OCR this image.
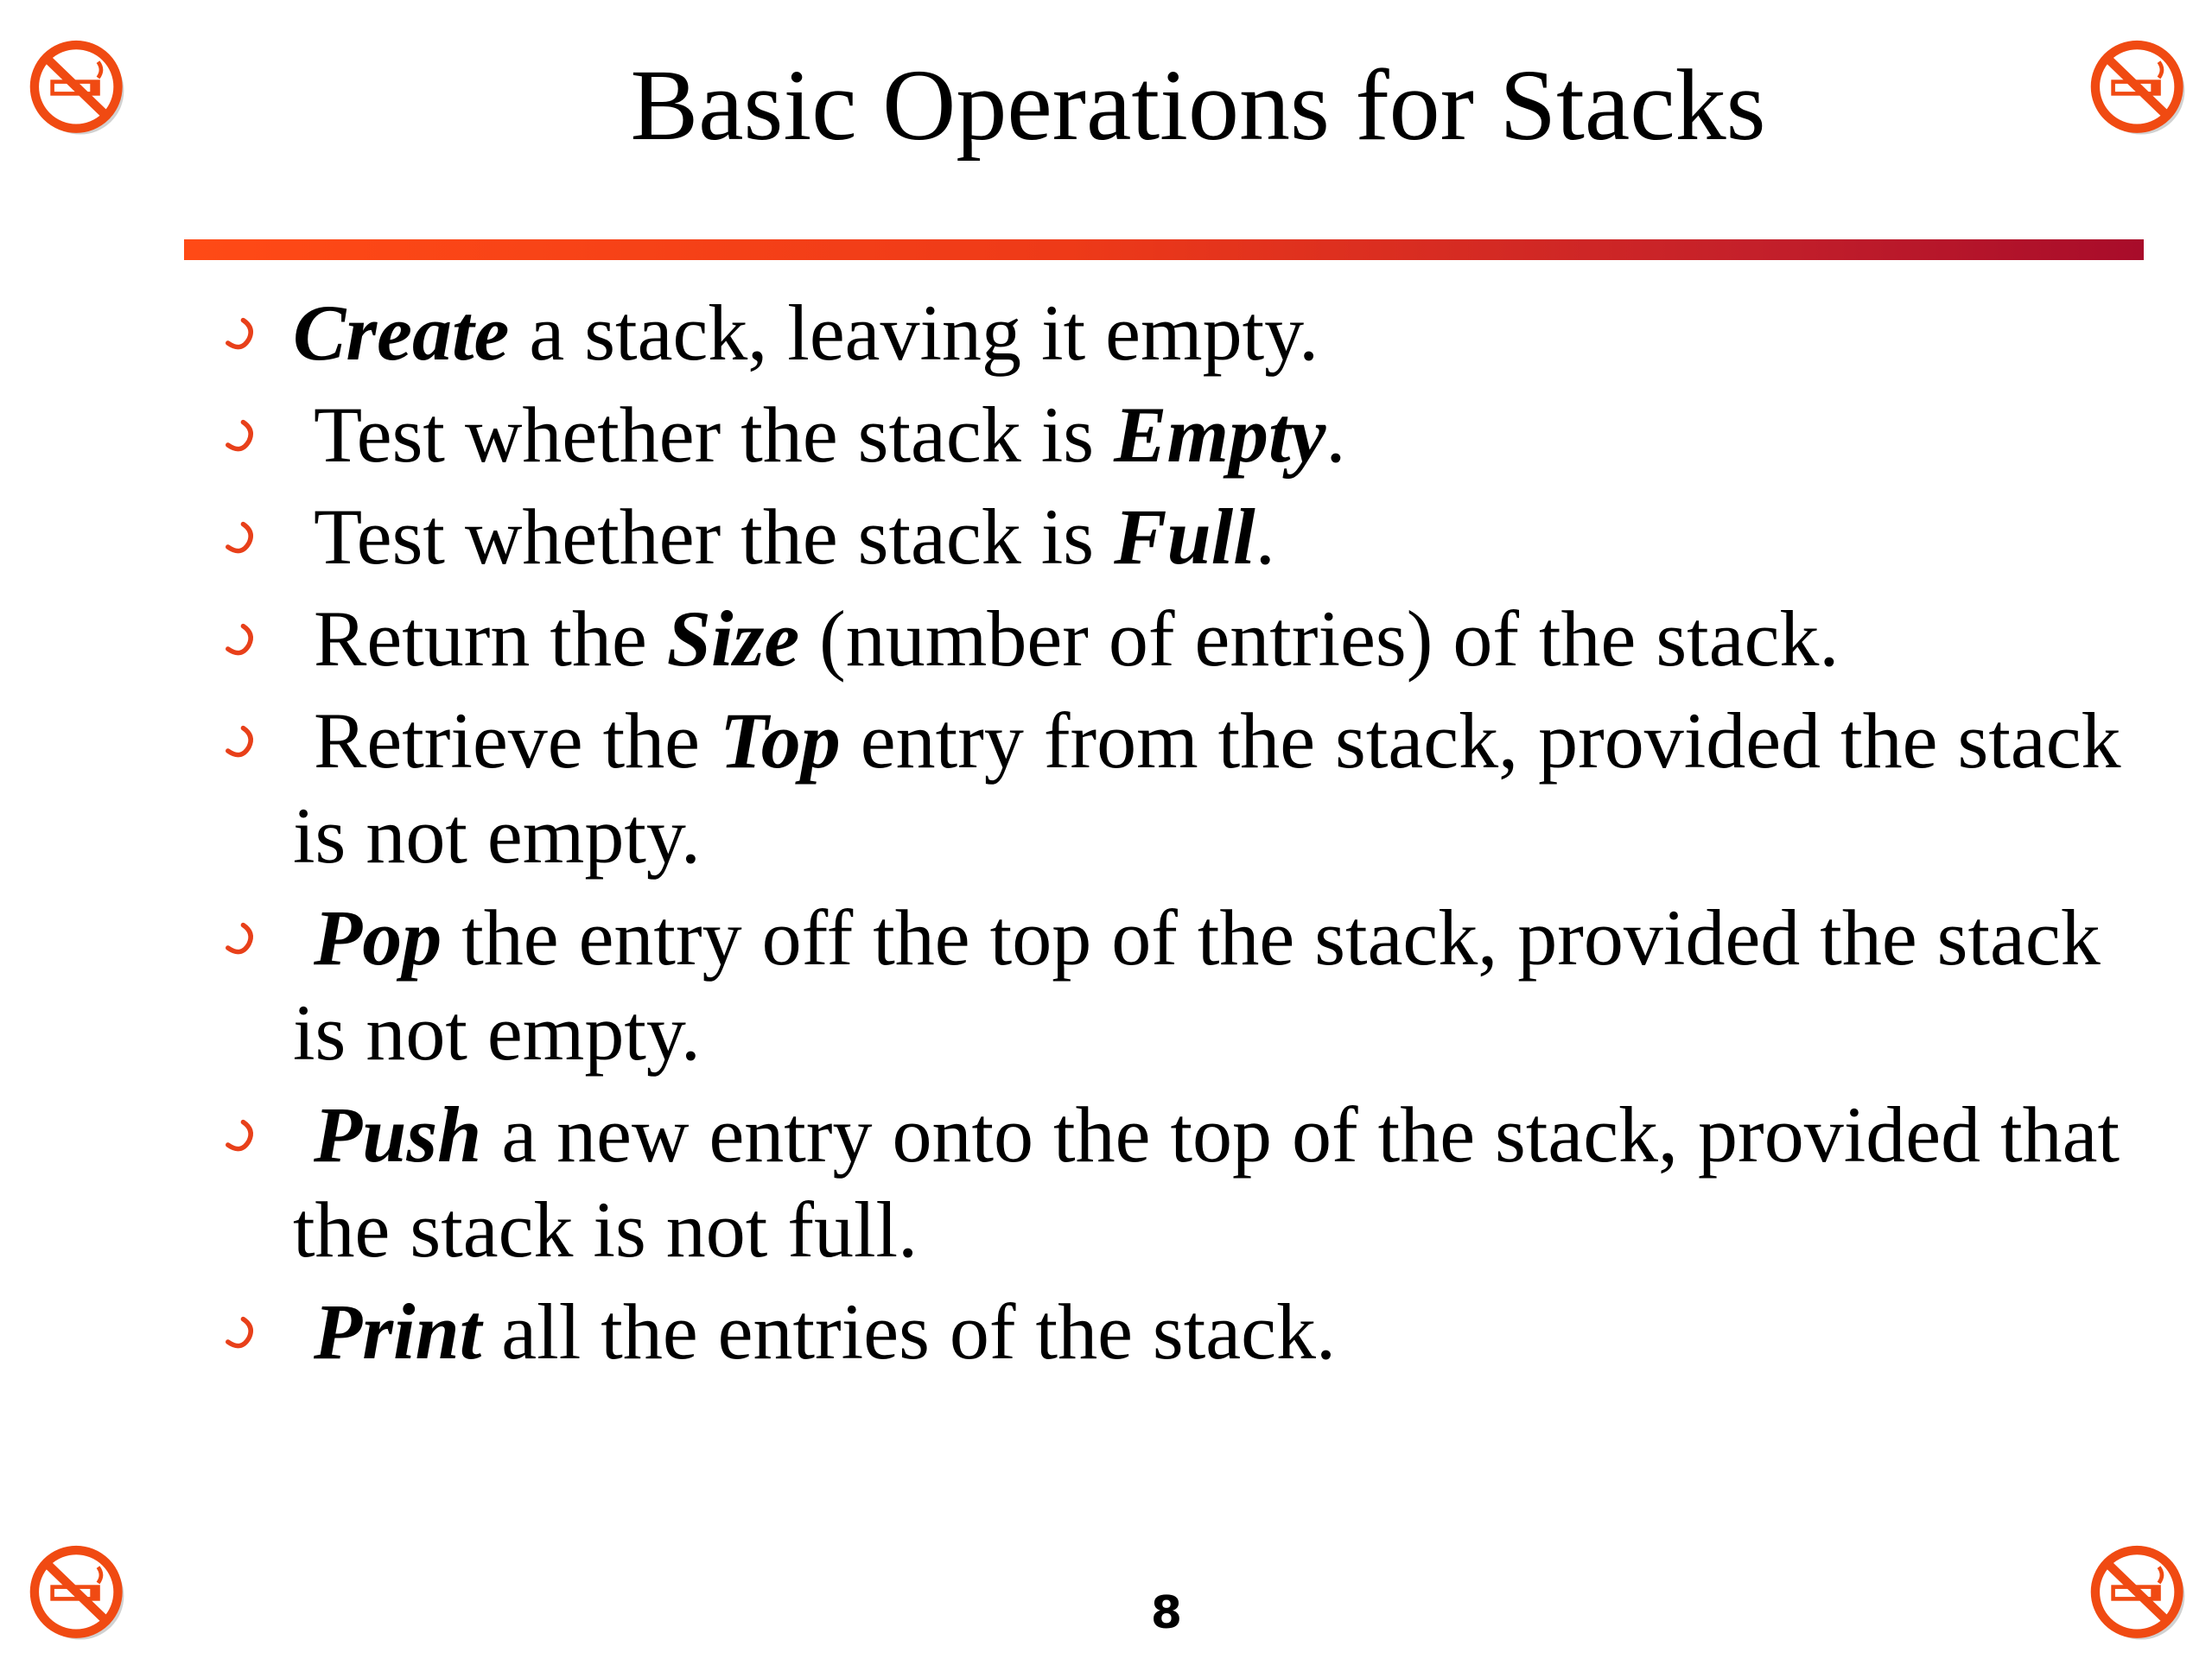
Basic Operations for Stacks
Create a stack, leaving it empty.
Test whether the stack is Empty.
Test whether the stack is Full.
Return the Size (number of entries) of the stack.
Retrieve the Top entry from the stack, provided the stack is not empty.
Pop the entry off the top of the stack, provided the stack is not empty.
Push a new entry onto the top of the stack, provided that the stack is not full.
Print all the entries of the stack.
8
